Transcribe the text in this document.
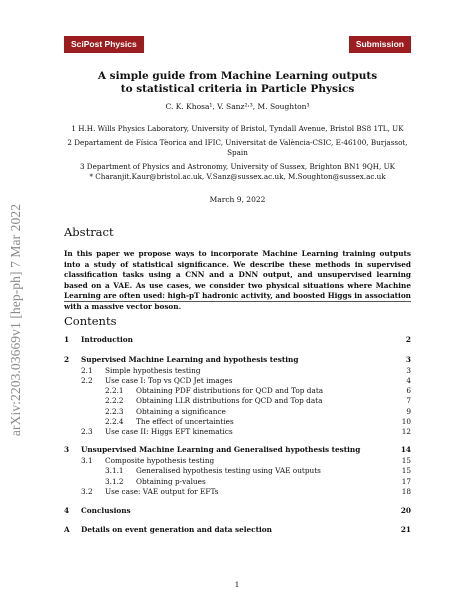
arXiv:2203.03669v1 [hep-ph] 7 Mar 2022
SciPost Physics	Submission
A simple guide from Machine Learning outputs
to statistical criteria in Particle Physics
C. K. Khosa¹, V. Sanz²˒³, M. Soughton³
1 H.H. Wills Physics Laboratory, University of Bristol, Tyndall Avenue, Bristol BS8 1TL, UK
2 Departament de Física Tèorica and IFIC, Universitat de València-CSIC, E-46100, Burjassot, Spain
3 Department of Physics and Astronomy, University of Sussex, Brighton BN1 9QH, UK
* Charanjit.Kaur@bristol.ac.uk, V.Sanz@sussex.ac.uk, M.Soughton@sussex.ac.uk
March 9, 2022
Abstract
In this paper we propose ways to incorporate Machine Learning training outputs into a study of statistical significance. We describe these methods in supervised classification tasks using a CNN and a DNN output, and unsupervised learning based on a VAE. As use cases, we consider two physical situations where Machine Learning are often used: high-pT hadronic activity, and boosted Higgs in association with a massive vector boson.
Contents
1	Introduction	2
2	Supervised Machine Learning and hypothesis testing	3
2.1	Simple hypothesis testing	3
2.2	Use case I: Top vs QCD Jet images	4
2.2.1	Obtaining PDF distributions for QCD and Top data	6
2.2.2	Obtaining LLR distributions for QCD and Top data	7
2.2.3	Obtaining a significance	9
2.2.4	The effect of uncertainties	10
2.3	Use case II: Higgs EFT kinematics	12
3	Unsupervised Machine Learning and Generalised hypothesis testing	14
3.1	Composite hypothesis testing	15
3.1.1	Generalised hypothesis testing using VAE outputs	15
3.1.2	Obtaining p-values	17
3.2	Use case: VAE output for EFTs	18
4	Conclusions	20
A	Details on event generation and data selection	21
1
